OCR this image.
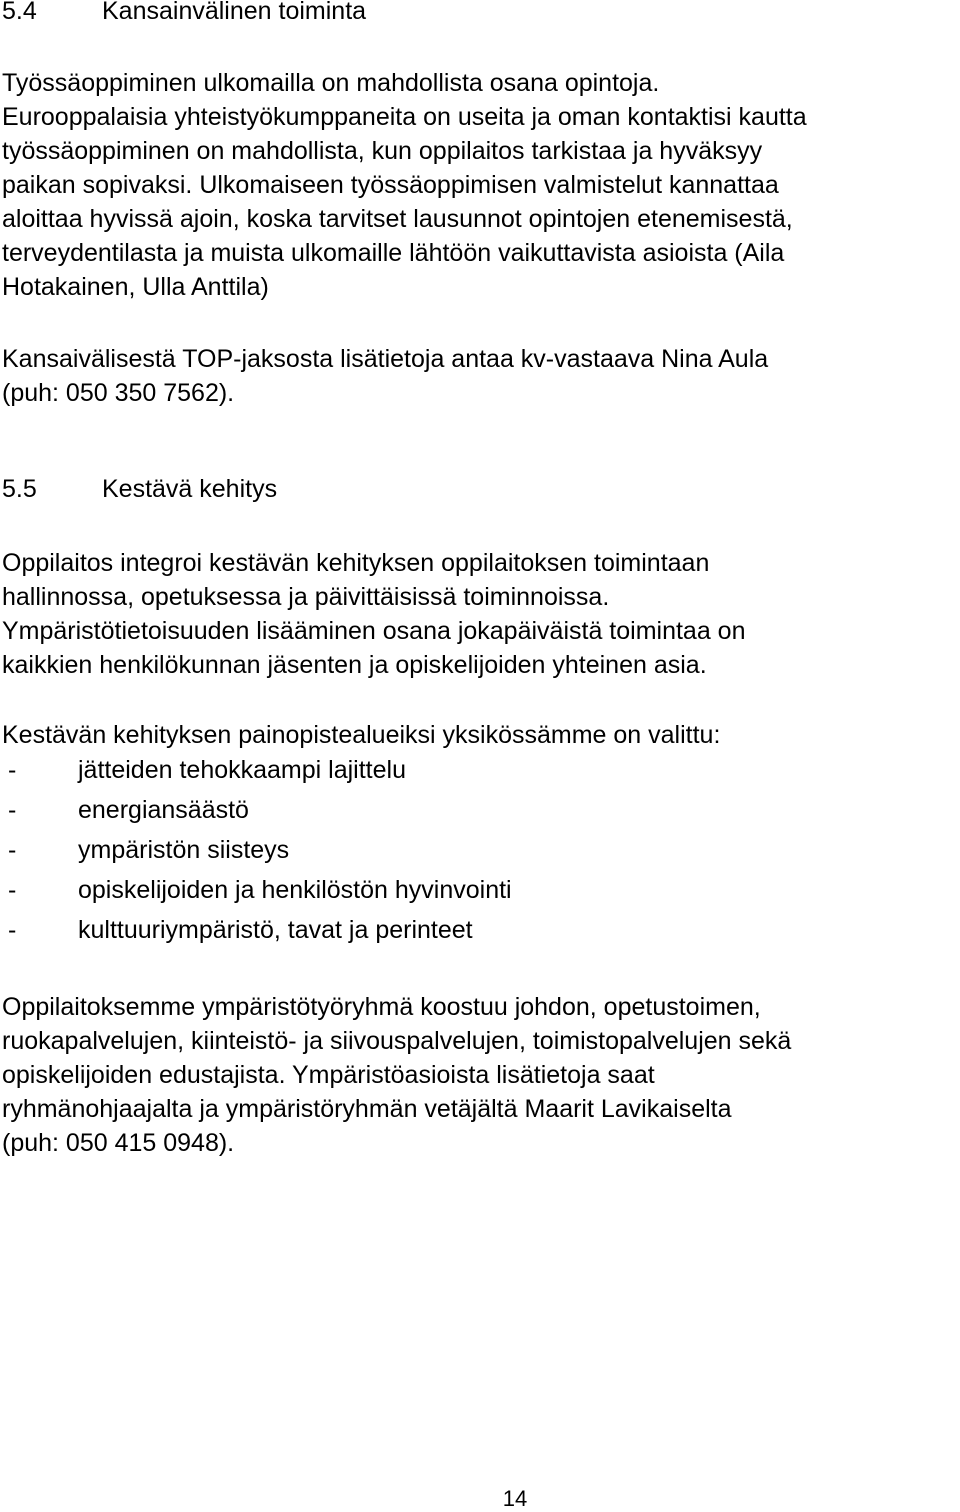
5.4	Kansainvälinen toiminta

Työssäoppiminen ulkomailla on mahdollista osana opintoja.
Eurooppalaisia yhteistyökumppaneita on useita ja oman kontaktisi kautta
työssäoppiminen on mahdollista, kun oppilaitos tarkistaa ja hyväksyy
paikan sopivaksi. Ulkomaiseen työssäoppimisen valmistelut kannattaa
aloittaa hyvissä ajoin, koska tarvitset lausunnot opintojen etenemisestä,
terveydentilasta ja muista ulkomaille lähtöön vaikuttavista asioista (Aila
Hotakainen, Ulla Anttila)

Kansaivälisestä TOP-jaksosta lisätietoja antaa kv-vastaava Nina Aula
(puh: 050 350 7562).

5.5	Kestävä kehitys

Oppilaitos integroi kestävän kehityksen oppilaitoksen toimintaan
hallinnossa, opetuksessa ja päivittäisissä toiminnoissa.
Ympäristötietoisuuden lisääminen osana jokapäiväistä toimintaa on
kaikkien henkilökunnan jäsenten ja opiskelijoiden yhteinen asia.

Kestävän kehityksen painopistealueiksi yksikössämme on valittu:

-	jätteiden tehokkaampi lajittelu
-	energiansäästö
-	ympäristön siisteys
-	opiskelijoiden ja henkilöstön hyvinvointi
-	kulttuuriympäristö, tavat ja perinteet

Oppilaitoksemme ympäristötyöryhmä koostuu johdon, opetustoimen,
ruokapalvelujen, kiinteistö- ja siivouspalvelujen, toimistopalvelujen sekä
opiskelijoiden edustajista. Ympäristöasioista lisätietoja saat
ryhmänohjaajalta ja ympäristöryhmän vetäjältä Maarit Lavikaiselta
(puh: 050 415 0948).

14
